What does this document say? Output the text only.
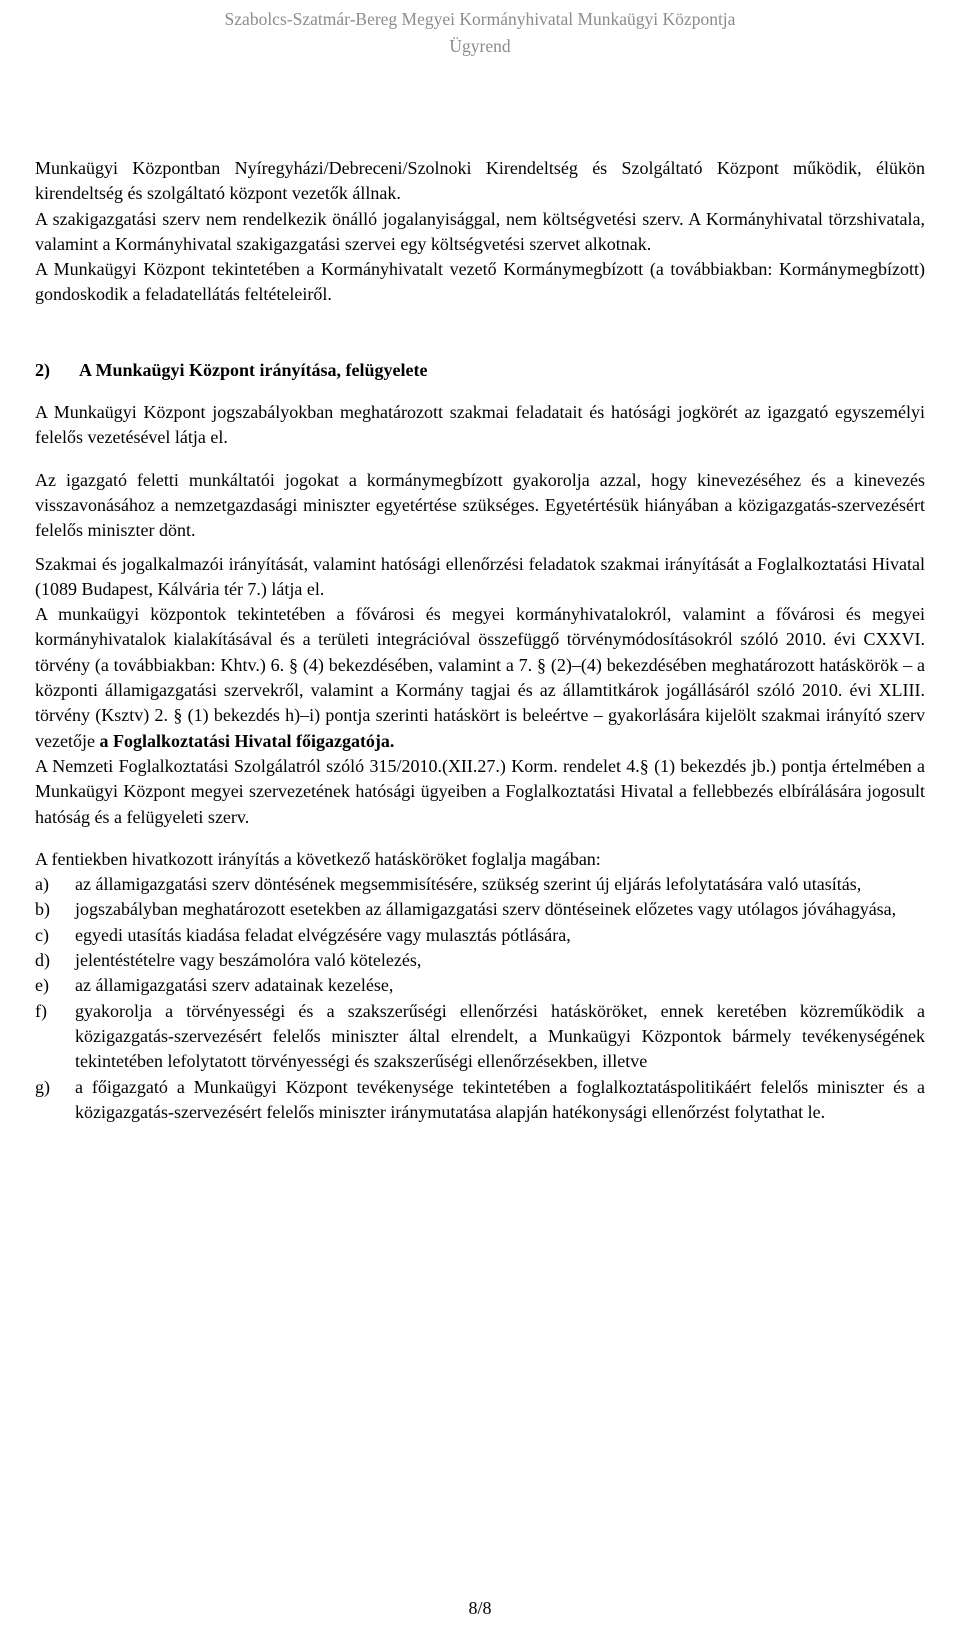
Szabolcs-Szatmár-Bereg Megyei Kormányhivatal Munkaügyi Központja
Ügyrend

Munkaügyi Központban Nyíregyházi/Debreceni/Szolnoki Kirendeltség és Szolgáltató Központ működik, élükön kirendeltség és szolgáltató központ vezetők állnak.

A szakigazgatási szerv nem rendelkezik önálló jogalanyisággal, nem költségvetési szerv. A Kormányhivatal törzshivatala, valamint a Kormányhivatal szakigazgatási szervei egy költségvetési szervet alkotnak.

A Munkaügyi Központ tekintetében a Kormányhivatalt vezető Kormánymegbízott (a továbbiakban: Kormánymegbízott) gondoskodik a feladatellátás feltételeiről.

2) A Munkaügyi Központ irányítása, felügyelete

A Munkaügyi Központ jogszabályokban meghatározott szakmai feladatait és hatósági jogkörét az igazgató egyszemélyi felelős vezetésével látja el.

Az igazgató feletti munkáltatói jogokat a kormánymegbízott gyakorolja azzal, hogy kinevezéséhez és a kinevezés visszavonásához a nemzetgazdasági miniszter egyetértése szükséges. Egyetértésük hiányában a közigazgatás-szervezésért felelős miniszter dönt.

Szakmai és jogalkalmazói irányítását, valamint hatósági ellenőrzési feladatok szakmai irányítását a Foglalkoztatási Hivatal (1089 Budapest, Kálvária tér 7.) látja el.

A munkaügyi központok tekintetében a fővárosi és megyei kormányhivatalokról, valamint a fővárosi és megyei kormányhivatalok kialakításával és a területi integrációval összefüggő törvénymódosításokról szóló 2010. évi CXXVI. törvény (a továbbiakban: Khtv.) 6. § (4) bekezdésében, valamint a 7. § (2)–(4) bekezdésében meghatározott hatáskörök – a központi államigazgatási szervekről, valamint a Kormány tagjai és az államtitkárok jogállásáról szóló 2010. évi XLIII. törvény (Ksztv) 2. § (1) bekezdés h)–i) pontja szerinti hatáskört is beleértve – gyakorlására kijelölt szakmai irányító szerv vezetője a Foglalkoztatási Hivatal főigazgatója.

A Nemzeti Foglalkoztatási Szolgálatról szóló 315/2010.(XII.27.) Korm. rendelet 4.§ (1) bekezdés jb.) pontja értelmében a Munkaügyi Központ megyei szervezetének hatósági ügyeiben a Foglalkoztatási Hivatal a fellebbezés elbírálására jogosult hatóság és a felügyeleti szerv.

A fentiekben hivatkozott irányítás a következő hatásköröket foglalja magában:

a) az államigazgatási szerv döntésének megsemmisítésére, szükség szerint új eljárás lefolytatására való utasítás,
b) jogszabályban meghatározott esetekben az államigazgatási szerv döntéseinek előzetes vagy utólagos jóváhagyása,
c) egyedi utasítás kiadása feladat elvégzésére vagy mulasztás pótlására,
d) jelentéstételre vagy beszámolóra való kötelezés,
e) az államigazgatási szerv adatainak kezelése,
f) gyakorolja a törvényességi és a szakszerűségi ellenőrzési hatásköröket, ennek keretében közreműködik a közigazgatás-szervezésért felelős miniszter által elrendelt, a Munkaügyi Központok bármely tevékenységének tekintetében lefolytatott törvényességi és szakszerűségi ellenőrzésekben, illetve
g) a főigazgató a Munkaügyi Központ tevékenysége tekintetében a foglalkoztatáspolitikáért felelős miniszter és a közigazgatás-szervezésért felelős miniszter iránymutatása alapján hatékonysági ellenőrzést folytathat le.
8/8
